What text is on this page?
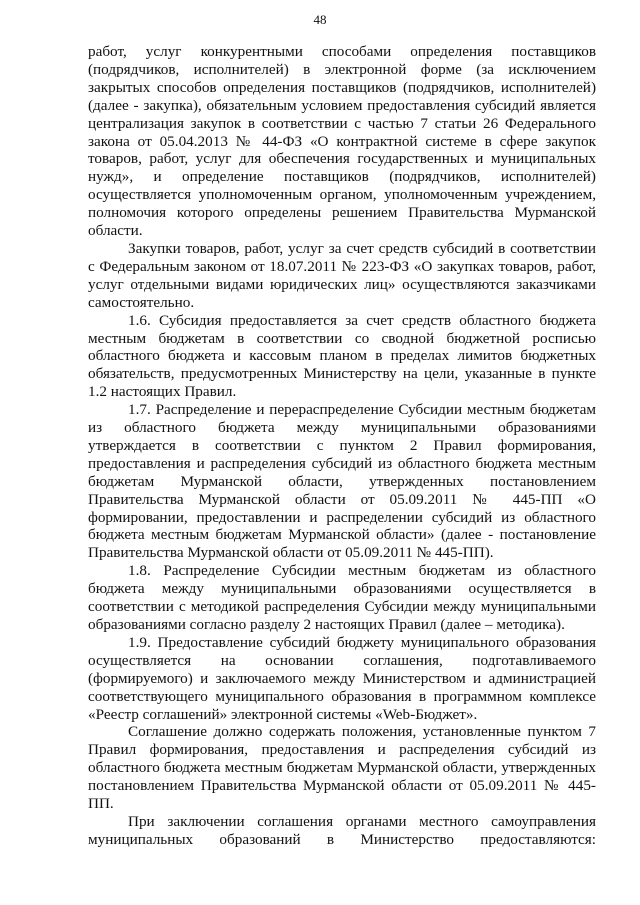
48

работ, услуг конкурентными способами определения поставщиков (подрядчиков, исполнителей) в электронной форме (за исключением закрытых способов определения поставщиков (подрядчиков, исполнителей) (далее - закупка), обязательным условием предоставления субсидий является централизация закупок в соответствии с частью 7 статьи 26 Федерального закона от 05.04.2013 № 44-ФЗ «О контрактной системе в сфере закупок товаров, работ, услуг для обеспечения государственных и муниципальных нужд», и определение поставщиков (подрядчиков, исполнителей) осуществляется уполномоченным органом, уполномоченным учреждением, полномочия которого определены решением Правительства Мурманской области.

Закупки товаров, работ, услуг за счет средств субсидий в соответствии с Федеральным законом от 18.07.2011 № 223-ФЗ «О закупках товаров, работ, услуг отдельными видами юридических лиц» осуществляются заказчиками самостоятельно.

1.6. Субсидия предоставляется за счет средств областного бюджета местным бюджетам в соответствии со сводной бюджетной росписью областного бюджета и кассовым планом в пределах лимитов бюджетных обязательств, предусмотренных Министерству на цели, указанные в пункте 1.2 настоящих Правил.

1.7. Распределение и перераспределение Субсидии местным бюджетам из областного бюджета между муниципальными образованиями утверждается в соответствии с пунктом 2 Правил формирования, предоставления и распределения субсидий из областного бюджета местным бюджетам Мурманской области, утвержденных постановлением Правительства Мурманской области от 05.09.2011 № 445-ПП «О формировании, предоставлении и распределении субсидий из областного бюджета местным бюджетам Мурманской области» (далее - постановление Правительства Мурманской области от 05.09.2011 № 445-ПП).

1.8. Распределение Субсидии местным бюджетам из областного бюджета между муниципальными образованиями осуществляется в соответствии с методикой распределения Субсидии между муниципальными образованиями согласно разделу 2 настоящих Правил (далее – методика).

1.9. Предоставление субсидий бюджету муниципального образования осуществляется на основании соглашения, подготавливаемого (формируемого) и заключаемого между Министерством и администрацией соответствующего муниципального образования в программном комплексе «Реестр соглашений» электронной системы «Web-Бюджет».

Соглашение должно содержать положения, установленные пунктом 7 Правил формирования, предоставления и распределения субсидий из областного бюджета местным бюджетам Мурманской области, утвержденных постановлением Правительства Мурманской области от 05.09.2011 № 445-ПП.

При заключении соглашения органами местного самоуправления муниципальных образований в Министерство предоставляются:
